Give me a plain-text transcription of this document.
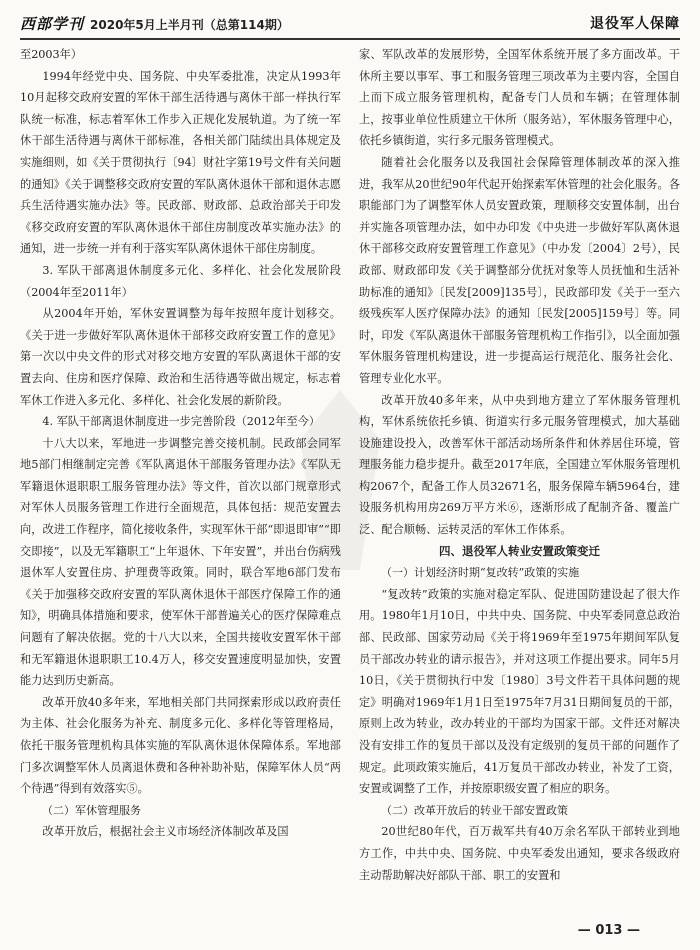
西部学刊 2020年5月上半月刊（总第114期）	退役军人保障

至2003年）

1994年经党中央、国务院、中央军委批准，决定从1993年10月起移交政府安置的军休干部生活待遇与离休干部一样执行军队统一标准，标志着军休工作步入正规化发展轨道。为了统一军休干部生活待遇与离休干部标准，各相关部门陆续出具体规定及实施细则，如《关于贯彻执行〔94〕财社字第19号文件有关问题的通知》《关于调整移交政府安置的军队离休退休干部和退休志愿兵生活待遇实施办法》等。民政部、财政部、总政治部关于印发《移交政府安置的军队离休退休干部住房制度改革实施办法》的通知，进一步统一并有利于落实军队离休退休干部住房制度。

3. 军队干部离退休制度多元化、多样化、社会化发展阶段（2004年至2011年）

从2004年开始，军休安置调整为每年按照年度计划移交。《关于进一步做好军队离休退休干部移交政府安置工作的意见》第一次以中央文件的形式对移交地方安置的军队离退休干部的安置去向、住房和医疗保障、政治和生活待遇等做出规定，标志着军休工作进入多元化、多样化、社会化发展的新阶段。

4. 军队干部离退休制度进一步完善阶段（2012年至今）

十八大以来，军地进一步调整完善交接机制。民政部会同军地5部门相继制定完善《军队离退休干部服务管理办法》《军队无军籍退休退职职工服务管理办法》等文件，首次以部门规章形式对军休人员服务管理工作进行全面规范，具体包括：规范安置去向，改进工作程序，简化接收条件，实现军休干部“即退即审”“即交即接”，以及无军籍职工“上年退休、下年安置”，并出台伤病残退休军人安置住房、护理费等政策。同时，联合军地6部门发布《关于加强移交政府安置的军队离休退休干部医疗保障工作的通知》，明确具体措施和要求，使军休干部普遍关心的医疗保障难点问题有了解决依据。党的十八大以来，全国共接收安置军休干部和无军籍退休退职职工10.4万人，移交安置速度明显加快，安置能力达到历史新高。

改革开放40多年来，军地相关部门共同探索形成以政府责任为主体、社会化服务为补充、制度多元化、多样化等管理格局，依托干服务管理机构具体实施的军队离休退休保障体系。军地部门多次调整军休人员离退休费和各种补助补贴，保障军休人员“两个待遇”得到有效落实⑤。

（二）军休管理服务

改革开放后，根据社会主义市场经济体制改革及国

家、军队改革的发展形势，全国军休系统开展了多方面改革。干休所主要以事军、事工和服务管理三项改革为主要内容，全国自上而下成立服务管理机构，配备专门人员和车辆；在管理体制上，按事业单位性质建立干休所（服务站），军休服务管理中心，依托乡镇街道，实行多元服务管理模式。

随着社会化服务以及我国社会保障管理体制改革的深入推进，我军从20世纪90年代起开始探索军休管理的社会化服务。各职能部门为了调整军休人员安置政策，理顺移交安置体制，出台并实施各项管理办法，如中办印发《中央进一步做好军队离休退休干部移交政府安置管理工作意见》（中办发〔2004〕2号），民政部、财政部印发《关于调整部分优抚对象等人员抚恤和生活补助标准的通知》〔民发[2009]135号〕，民政部印发《关于一至六级残疾军人医疗保障办法》的通知〔民发[2005]159号〕等。同时，印发《军队离退休干部服务管理机构工作指引》，以全面加强军休服务管理机构建设，进一步提高运行规范化、服务社会化、管理专业化水平。

改革开放40多年来，从中央到地方建立了军休服务管理机构，军休系统依托乡镇、街道实行多元服务管理模式，加大基础设施建设投入，改善军休干部活动场所条件和休养居住环境，管理服务能力稳步提升。截至2017年底，全国建立军休服务管理机构2067个，配备工作人员32671名，服务保障车辆5964台，建设服务机构用房269万平方米⑥，逐渐形成了配制齐备、覆盖广泛、配合顺畅、运转灵活的军休工作体系。

四、退役军人转业安置政策变迁
（一）计划经济时期“复改转”政策的实施

“复改转”政策的实施对稳定军队、促进国防建设起了很大作用。1980年1月10日，中共中央、国务院、中央军委同意总政治部、民政部、国家劳动局《关于将1969年至1975年期间军队复员干部改办转业的请示报告》，并对这项工作提出要求。同年5月10日，《关于贯彻执行中发〔1980〕3号文件若干具体问题的规定》明确对1969年1月1日至1975年7月31日期间复员的干部，原则上改为转业，改办转业的干部均为国家干部。文件还对解决没有安排工作的复员干部以及没有定级别的复员干部的问题作了规定。此项政策实施后，41万复员干部改办转业，补发了工资，安置或调整了工作，并按原职级安置了相应的职务。

（二）改革开放后的转业干部安置政策

20世纪80年代，百万裁军共有40万余名军队干部转业到地方工作，中共中央、国务院、中央军委发出通知，要求各级政府主动帮助解决好部队干部、职工的安置和

— 013 —
